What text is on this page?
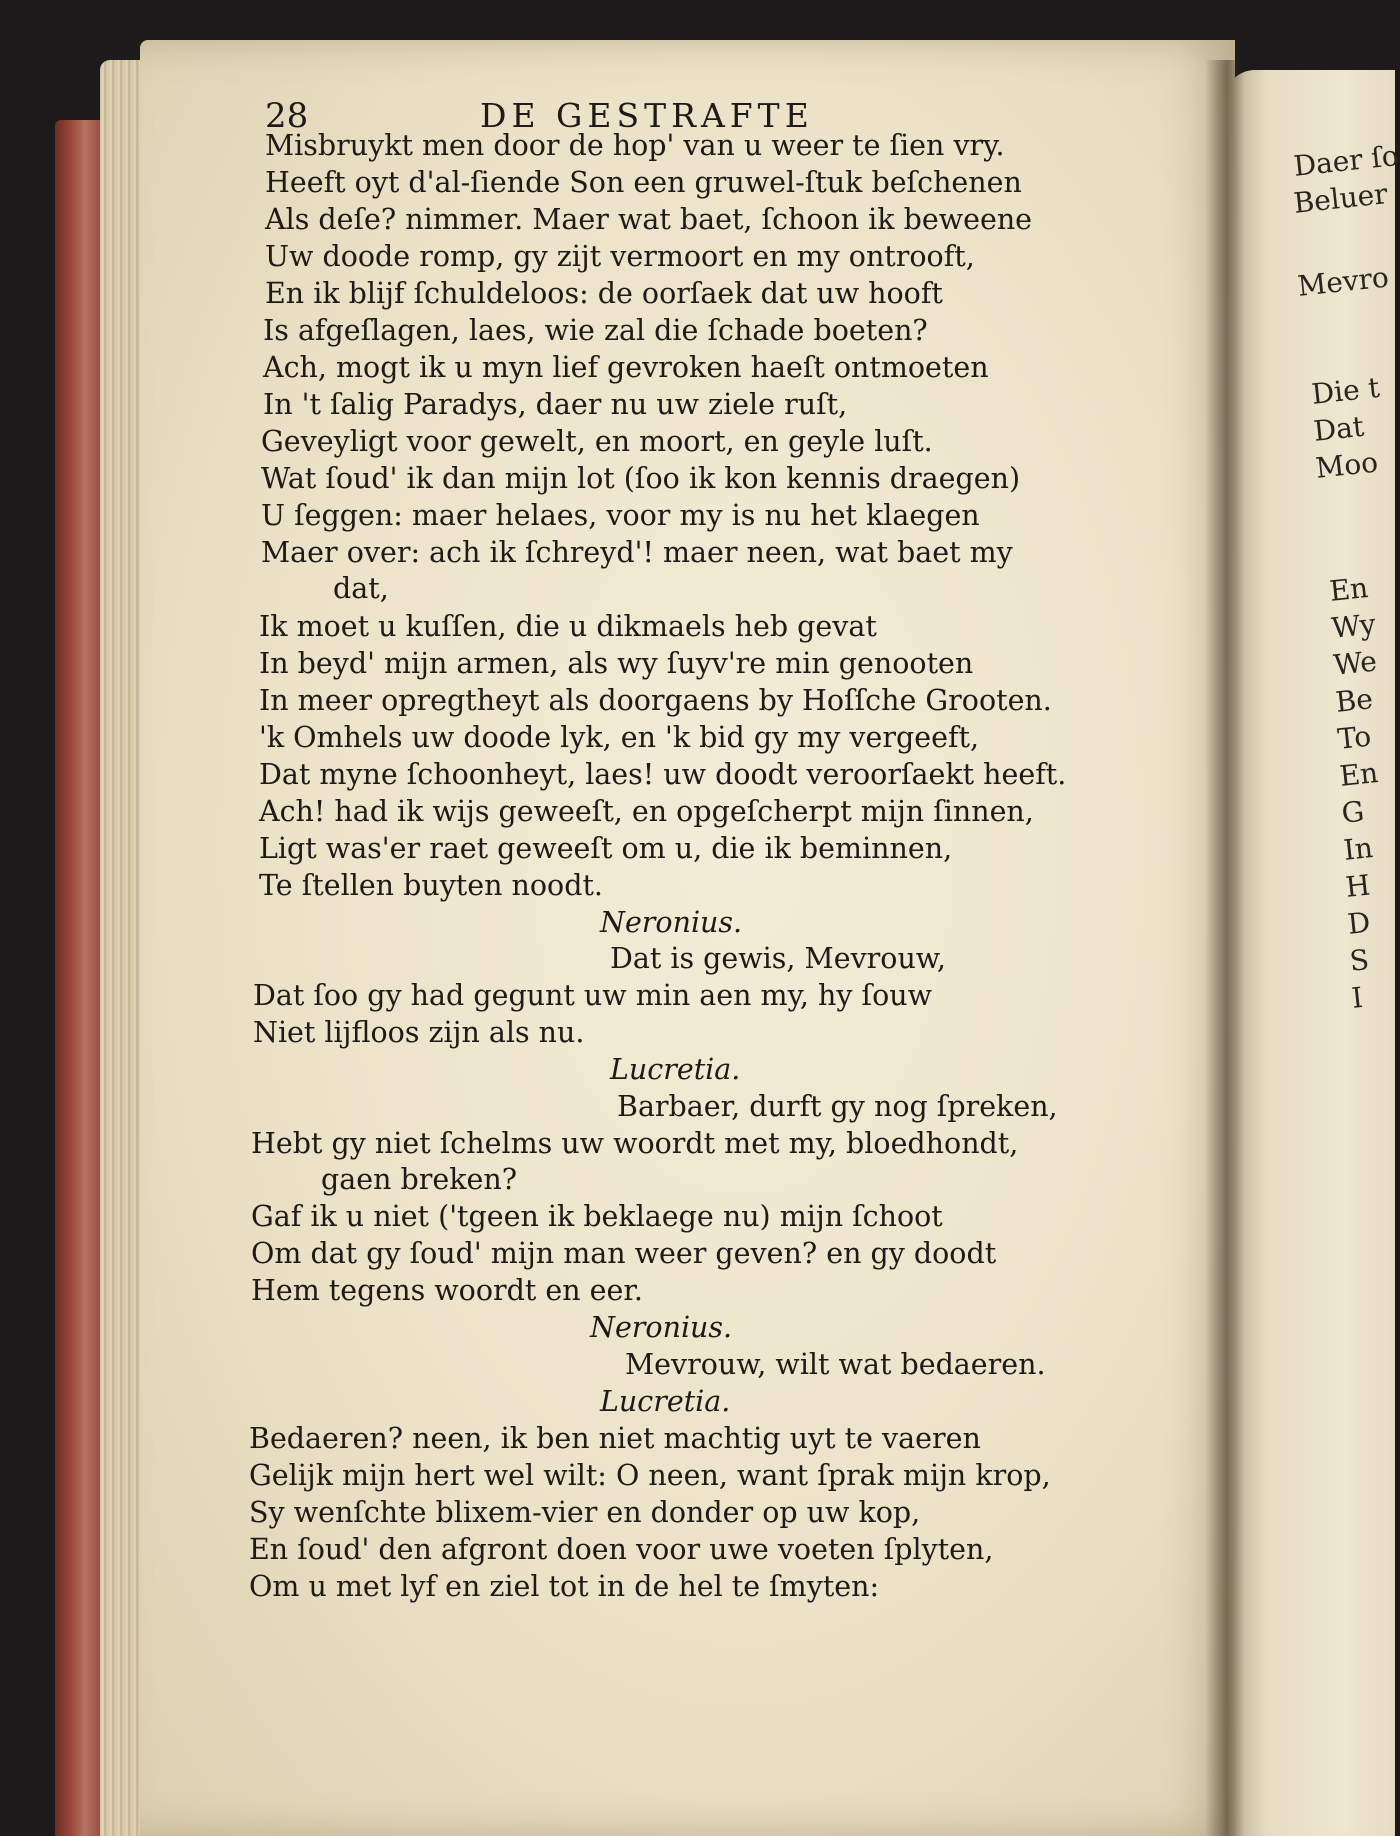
28	DE GESTRAFTE
Misbruykt men door de hop' van u weer te ſien vry.
Heeft oyt d'al-ſiende Son een gruwel-ſtuk beſchenen
Als deſe? nimmer. Maer wat baet, ſchoon ik beweene
Uw doode romp, gy zijt vermoort en my ontrooft,
En ik blijf ſchuldeloos: de oorſaek dat uw hooft
Is afgeſlagen, laes, wie zal die ſchade boeten?
Ach, mogt ik u myn lief gevroken haeſt ontmoeten
In 't ſalig Paradys, daer nu uw ziele ruſt,
Geveyligt voor gewelt, en moort, en geyle luſt.
Wat ſoud' ik dan mijn lot (ſoo ik kon kennis draegen)
U ſeggen: maer helaes, voor my is nu het klaegen
Maer over: ach ik ſchreyd'! maer neen, wat baet my
dat,
Ik moet u kuſſen, die u dikmaels heb gevat
In beyd' mijn armen, als wy ſuyv're min genooten
In meer opregtheyt als doorgaens by Hoſſche Grooten.
'k Omhels uw doode lyk, en 'k bid gy my vergeeft,
Dat myne ſchoonheyt, laes! uw doodt veroorſaekt heeft.
Ach! had ik wijs geweeſt, en opgeſcherpt mijn ſinnen,
Ligt was'er raet geweeſt om u, die ik beminnen,
Te ſtellen buyten noodt.
Neronius.
Dat is gewis, Mevrouw,
Dat ſoo gy had gegunt uw min aen my, hy ſouw
Niet lijfloos zijn als nu.
Lucretia.
Barbaer, durft gy nog ſpreken,
Hebt gy niet ſchelms uw woordt met my, bloedhondt,
gaen breken?
Gaf ik u niet ('tgeen ik beklaege nu) mijn ſchoot
Om dat gy ſoud' mijn man weer geven? en gy doodt
Hem tegens woordt en eer.
Neronius.
Mevrouw, wilt wat bedaeren.
Lucretia.
Bedaeren? neen, ik ben niet machtig uyt te vaeren
Gelijk mijn hert wel wilt: O neen, want ſprak mijn krop,
Sy wenſchte blixem-vier en donder op uw kop,
En ſoud' den afgront doen voor uwe voeten ſplyten,
Om u met lyf en ziel tot in de hel te ſmyten:
Daer ſo
Beluer
Mevro
Die t
Dat
Moo
En
Wy
We
Be
To
En
G
In
H
D
S
I
